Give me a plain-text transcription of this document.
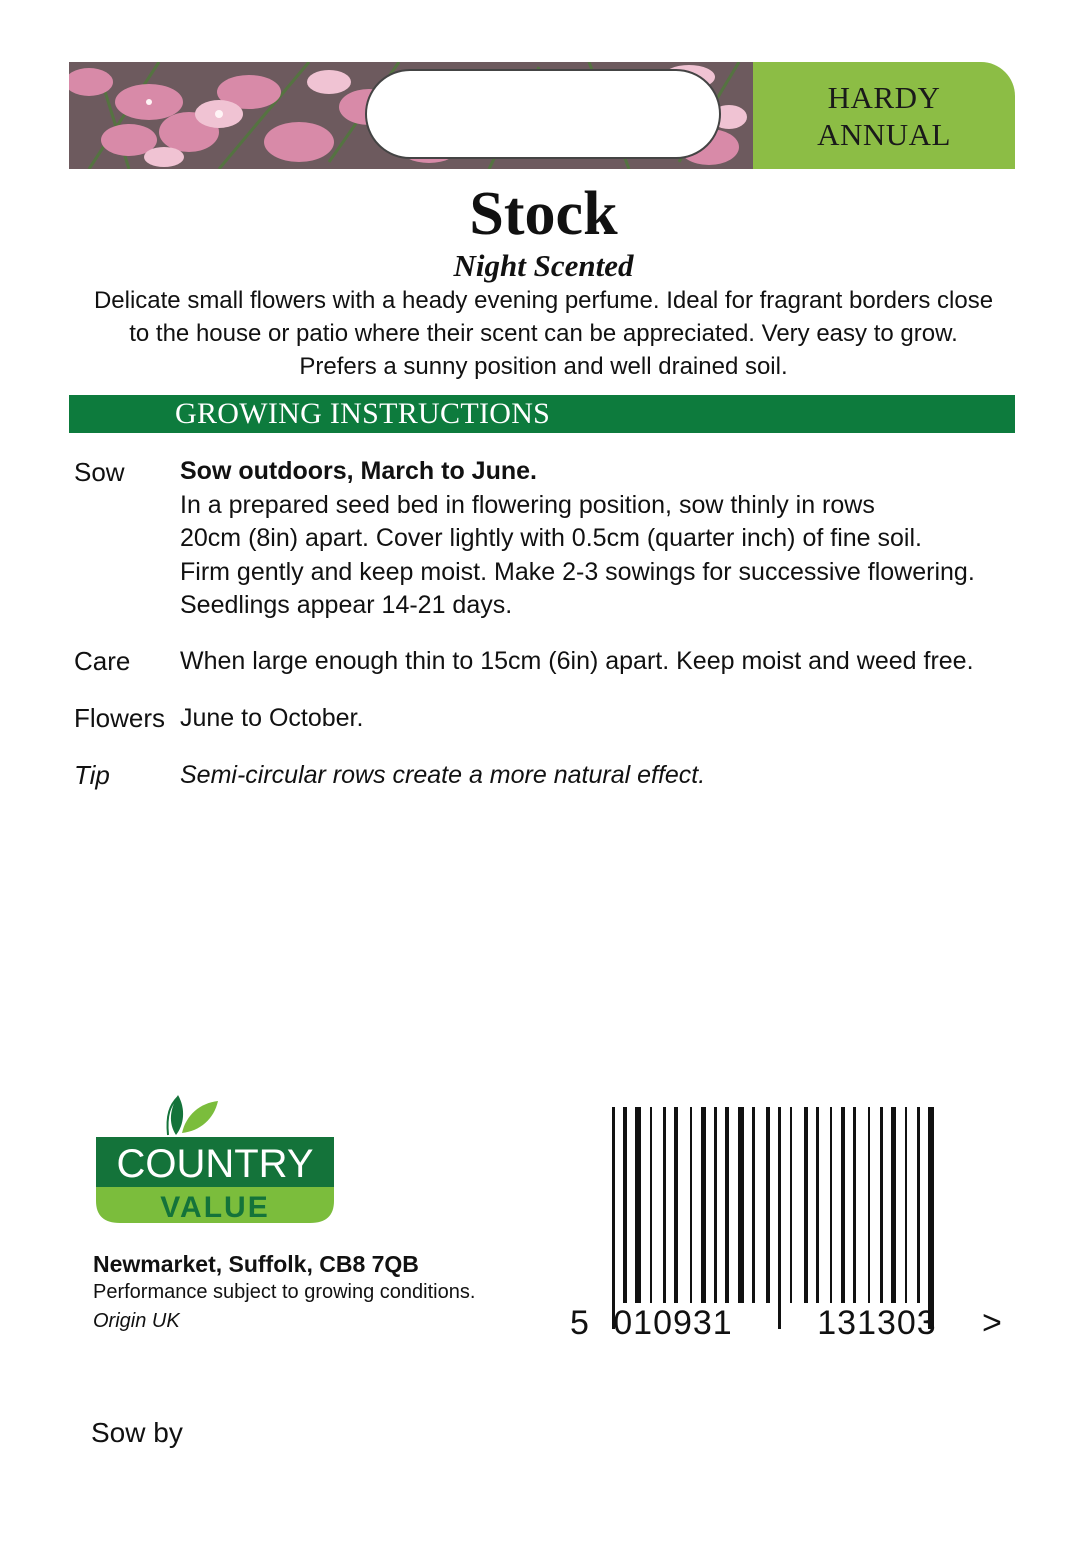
HARDY
ANNUAL
Stock
Night Scented
Delicate small flowers with a heady evening perfume. Ideal for fragrant borders close
to the house or patio where their scent can be appreciated. Very easy to grow.
Prefers a sunny position and well drained soil.
GROWING INSTRUCTIONS
Sow Sow outdoors, March to June.
In a prepared seed bed in flowering position, sow thinly in rows
20cm (8in) apart. Cover lightly with 0.5cm (quarter inch) of fine soil.
Firm gently and keep moist. Make 2-3 sowings for successive flowering.
Seedlings appear 14-21 days.
Care When large enough thin to 15cm (6in) apart. Keep moist and weed free.
Flowers June to October.
Tip	Semi-circular rows create a more natural effect.
COUNTRY
VALUE
Newmarket, Suffolk, CB8 7QB
Performance subject to growing conditions.
Origin UK
Sow by
5 010931 131303 >
